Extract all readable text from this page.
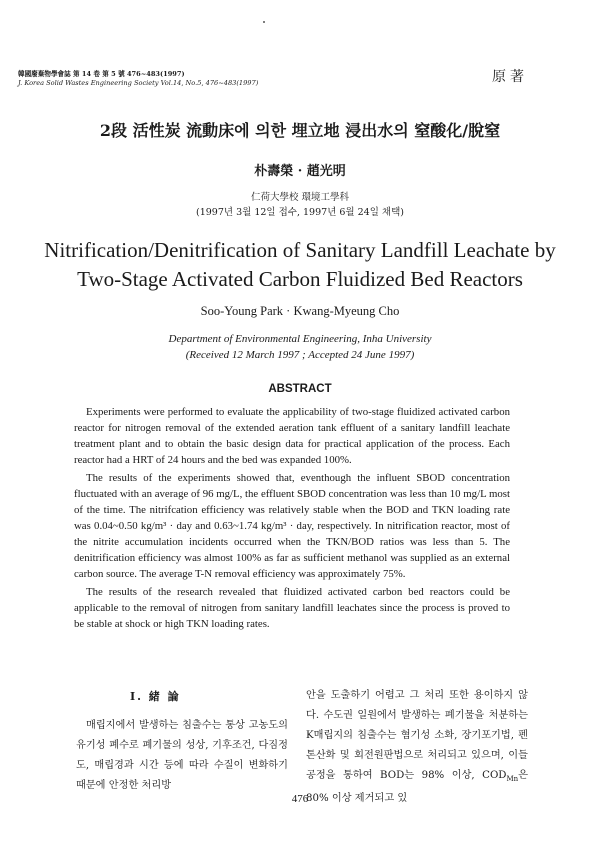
韓國廢棄物學會誌 第 14 卷 第 5 號 476~483(1997)
J. Korea Solid Wastes Engineering Society Vol.14, No.5, 476~483(1997)	原著
2段 活性炭 流動床에 의한 埋立地 浸出水의 窒酸化/脫窒
朴壽榮 · 趙光明
仁荷大學校 環境工學科
(1997년 3월 12일 접수, 1997년 6월 24일 채택)
Nitrification/Denitrification of Sanitary Landfill Leachate by
Two-Stage Activated Carbon Fluidized Bed Reactors
Soo-Young Park · Kwang-Myeung Cho
Department of Environmental Engineering, Inha University
(Received 12 March 1997 ; Accepted 24 June 1997)
ABSTRACT

Experiments were performed to evaluate the applicability of two-stage fluidized activated carbon reactor for nitrogen removal of the extended aeration tank effluent of a sanitary landfill leachate treatment plant and to obtain the basic design data for practical application of the process. Each reactor had a HRT of 24 hours and the bed was expanded 100%.

The results of the experiments showed that, eventhough the influent SBOD concentration fluctuated with an average of 96 mg/L, the effluent SBOD concentration was less than 10 mg/L most of the time. The nitrifcation efficiency was relatively stable when the BOD and TKN loading rate was 0.04~0.50 kg/m³ · day and 0.63~1.74 kg/m³ · day, respectively. In nitrification reactor, most of the nitrite accumulation incidents occurred when the TKN/BOD ratios was less than 5. The denitrification efficiency was almost 100% as far as sufficient methanol was supplied as an external carbon source. The average T-N removal efficiency was approximately 75%.

The results of the research revealed that fluidized activated carbon bed reactors could be applicable to the removal of nitrogen from sanitary landfill leachates since the process is proved to be stable at shock or high TKN loading rates.

Ⅰ. 緒 論

매립지에서 발생하는 침출수는 통상 고농도의 유기성 폐수로 폐기물의 성상, 기후조건, 다짐정도, 매립경과 시간 등에 따라 수질이 변화하기 때문에 안정한 처리방

안을 도출하기 어렵고 그 처리 또한 용이하지 않다. 수도권 일원에서 발생하는 폐기물을 처분하는 K매립지의 침출수는 혐기성 소화, 장기포기법, 펜톤산화 및 회전원판법으로 처리되고 있으며, 이들 공정을 통하여 BOD는 98% 이상, $COD_{Mn}$은 80% 이상 제거되고 있

476
